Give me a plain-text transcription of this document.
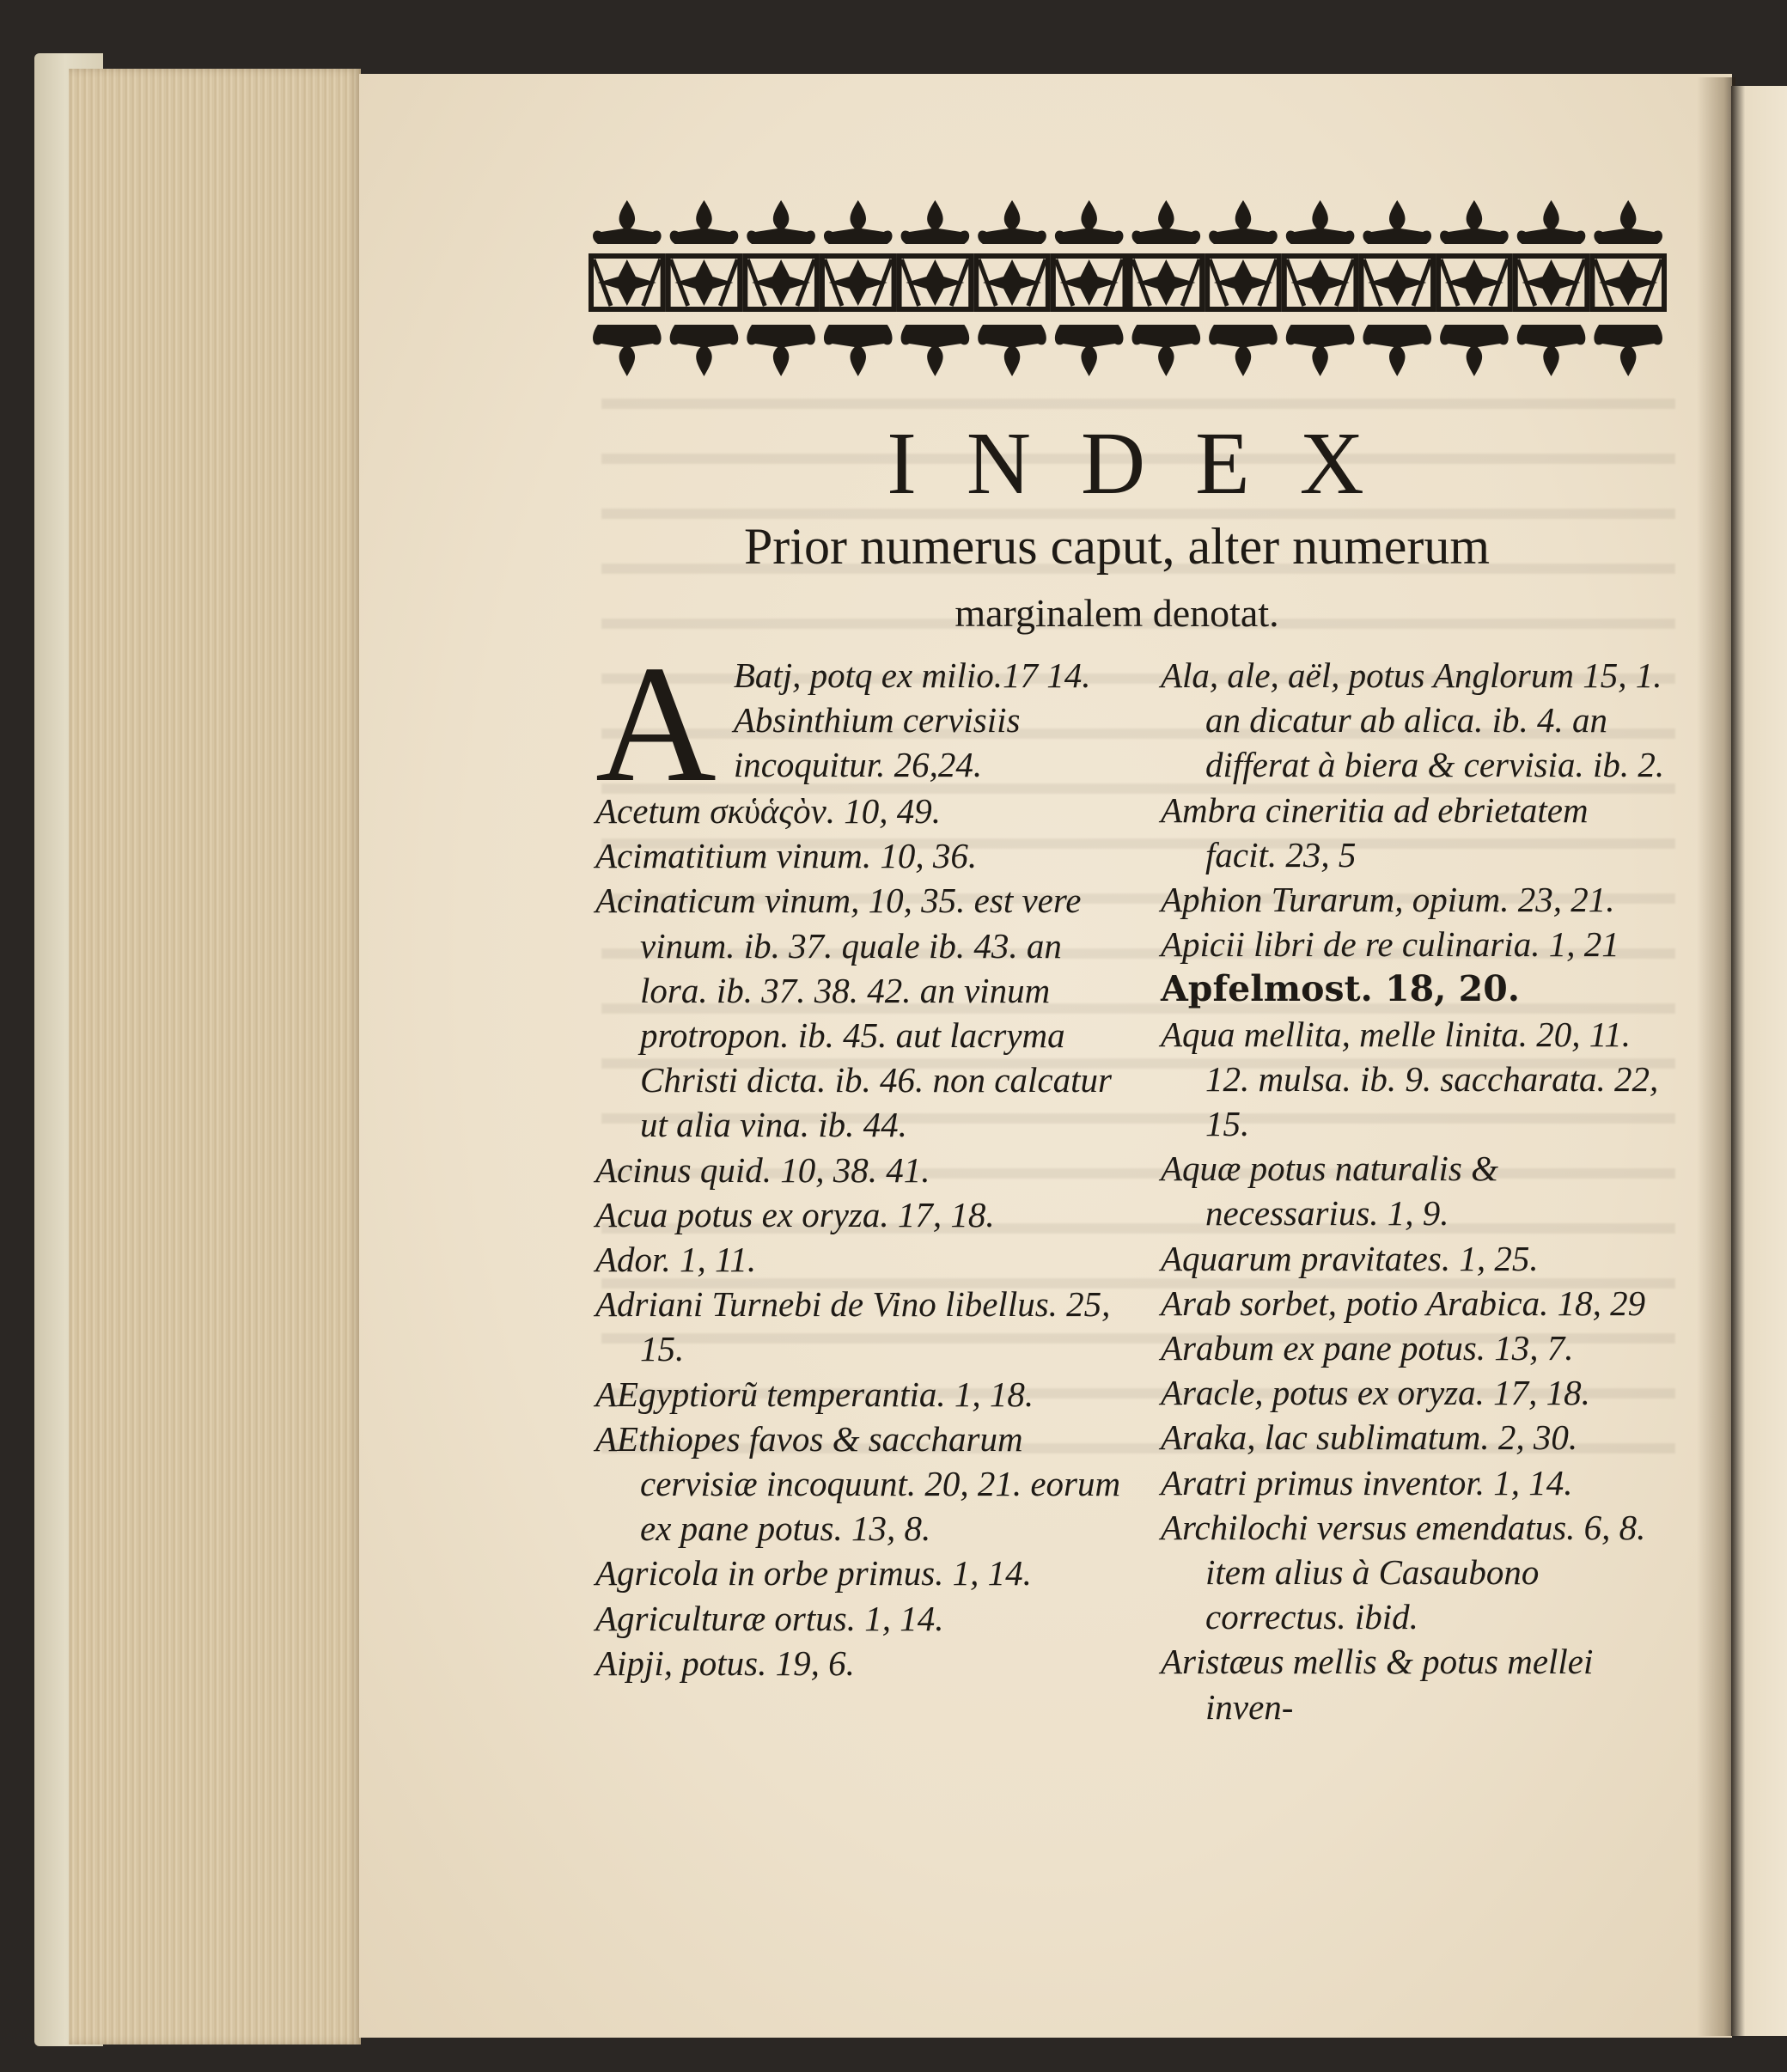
INDEX
Prior numerus caput, alter numerum
marginalem denotat.
A Batj, potq ex milio.17 14. Absinthium cervisiis incoquitur. 26,24.
Acetum σκὑἁςὸν. 10, 49.
Acimatitium vinum. 10, 36.
Acinaticum vinum, 10, 35. est vere vinum. ib. 37. quale ib. 43. an lora. ib. 37. 38. 42. an vinum protropon. ib. 45. aut lacryma Christi dicta. ib. 46. non calcatur ut alia vina. ib. 44.
Acinus quid. 10, 38. 41.
Acua potus ex oryza. 17, 18.
Ador. 1, 11.
Adriani Turnebi de Vino libellus. 25, 15.
AEgyptiorũ temperantia. 1, 18.
AEthiopes favos & saccharum cervisiæ incoquunt. 20, 21. eorum ex pane potus. 13, 8.
Agricola in orbe primus. 1, 14.
Agriculturæ ortus. 1, 14.
Aipji, potus. 19, 6.
Ala, ale, aël, potus Anglorum 15, 1. an dicatur ab alica. ib. 4. an differat à biera & cervisia. ib. 2.
Ambra cineritia ad ebrietatem facit. 23, 5
Aphion Turarum, opium. 23, 21.
Apicii libri de re culinaria. 1, 21
Apfelmost. 18, 20.
Aqua mellita, melle linita. 20, 11. 12. mulsa. ib. 9. saccharata. 22, 15.
Aquæ potus naturalis & necessarius. 1, 9.
Aquarum pravitates. 1, 25.
Arab sorbet, potio Arabica. 18, 29
Arabum ex pane potus. 13, 7.
Aracle, potus ex oryza. 17, 18.
Araka, lac sublimatum. 2, 30.
Aratri primus inventor. 1, 14.
Archilochi versus emendatus. 6, 8. item alius à Casaubono correctus. ibid.
Aristæus mellis & potus mellei inven-
